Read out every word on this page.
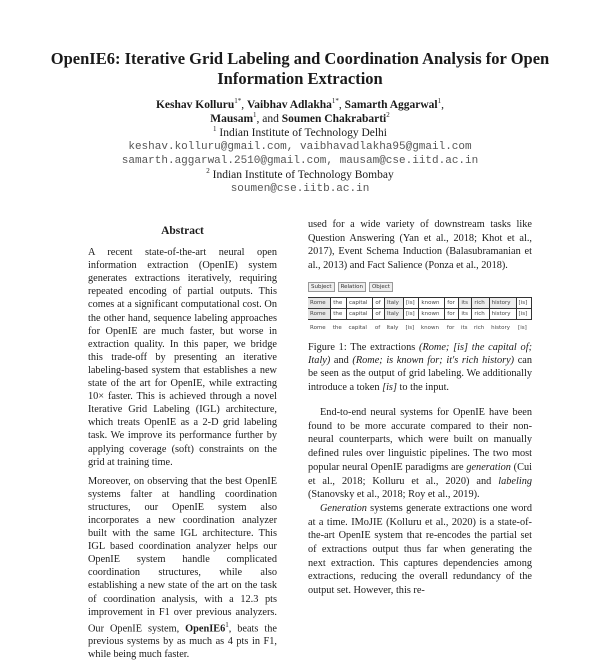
OpenIE6: Iterative Grid Labeling and Coordination Analysis for Open
Information Extraction
Keshav Kolluru$^{1*}$, Vaibhav Adlakha$^{1*}$, Samarth Aggarwal$^1$,
Mausam$^1$, and Soumen Chakrabarti$^2$
$^1$ Indian Institute of Technology Delhi
keshav.kolluru@gmail.com, vaibhavadlakha95@gmail.com
samarth.aggarwal.2510@gmail.com, mausam@cse.iitd.ac.in
$^2$ Indian Institute of Technology Bombay
soumen@cse.iitb.ac.in
Abstract

A recent state-of-the-art neural open information extraction (OpenIE) system generates extractions iteratively, requiring repeated encoding of partial outputs. This comes at a significant computational cost. On the other hand, sequence labeling approaches for OpenIE are much faster, but worse in extraction quality. In this paper, we bridge this trade-off by presenting an iterative labeling-based system that establishes a new state of the art for OpenIE, while extracting 10× faster. This is achieved through a novel Iterative Grid Labeling (IGL) architecture, which treats OpenIE as a 2-D grid labeling task. We improve its performance further by applying coverage (soft) constraints on the grid at training time.

Moreover, on observing that the best OpenIE systems falter at handling coordination structures, our OpenIE system also incorporates a new coordination analyzer built with the same IGL architecture. This IGL based coordination analyzer helps our OpenIE system handle complicated coordination structures, while also establishing a new state of the art on the task of coordination analysis, with a 12.3 pts improvement in F1 over previous analyzers. Our OpenIE system, $OpenIE6^1$, beats the previous systems by as much as 4 pts in F1, while being much faster.

used for a wide variety of downstream tasks like Question Answering (Yan et al., 2018; Khot et al., 2017), Event Schema Induction (Balasubramanian et al., 2013) and Fact Salience (Ponza et al., 2018).

Subject	Relation	Object
Rome	the	capital	of	Italy	[is]	known	for	its	rich	history	[is]
Rome	the	capital	of	Italy	[is]	known	for	its	rich	history	[is]
Rome	the	capital	of	Italy	[is]	known	for	its	rich	history	[is]
Figure 1: The extractions (Rome; [is] the capital of; Italy) and (Rome; is known for; it's rich history) can be seen as the output of grid labeling. We additionally introduce a token [is] to the input.

End-to-end neural systems for OpenIE have been found to be more accurate compared to their non-neural counterparts, which were built on manually defined rules over linguistic pipelines. The two most popular neural OpenIE paradigms are generation (Cui et al., 2018; Kolluru et al., 2020) and labeling (Stanovsky et al., 2018; Roy et al., 2019).

Generation systems generate extractions one word at a time. IMoJIE (Kolluru et al., 2020) is a state-of-the-art OpenIE system that re-encodes the partial set of extractions output thus far when generating the next extraction. This captures dependencies among extractions, reducing the overall redundancy of the output set. However, this re-
